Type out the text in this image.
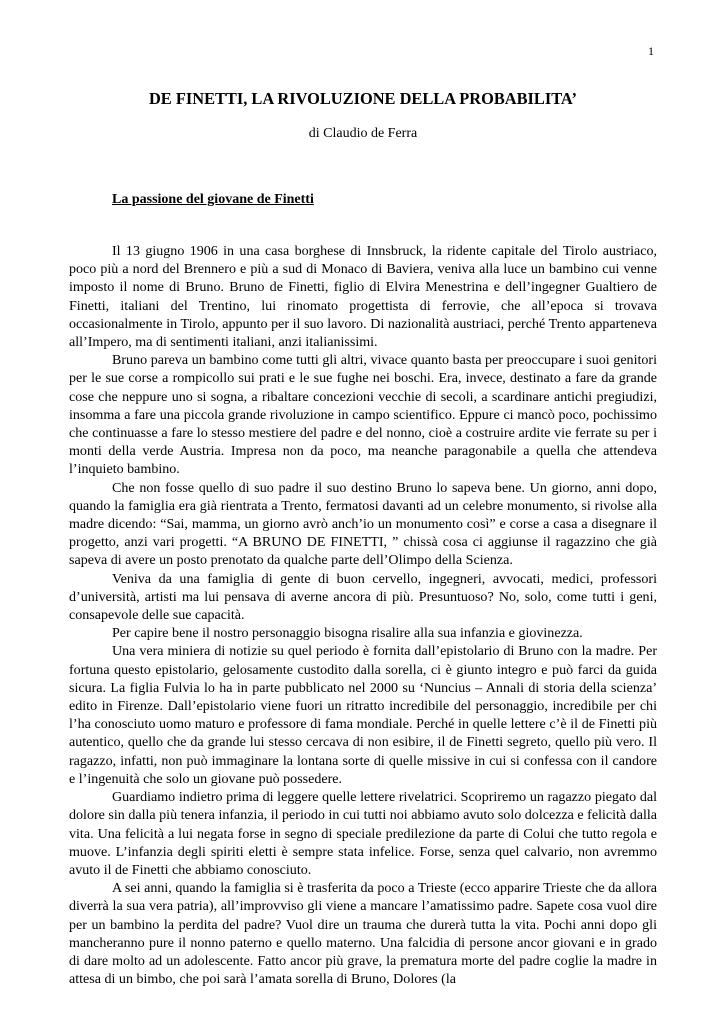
1
DE FINETTI, LA RIVOLUZIONE DELLA PROBABILITA’
di Claudio de Ferra
La passione del giovane de Finetti

Il 13 giugno 1906 in una casa borghese di Innsbruck, la ridente capitale del Tirolo austriaco, poco più a nord del Brennero e più a sud di Monaco di Baviera, veniva alla luce un bambino cui venne imposto il nome di Bruno. Bruno de Finetti, figlio di Elvira Menestrina e dell’ingegner Gualtiero de Finetti, italiani del Trentino, lui rinomato progettista di ferrovie, che all’epoca si trovava occasionalmente in Tirolo, appunto per il suo lavoro. Di nazionalità austriaci, perché Trento apparteneva all’Impero, ma di sentimenti italiani, anzi italianissimi.

Bruno pareva un bambino come tutti gli altri, vivace quanto basta per preoccupare i suoi genitori per le sue corse a rompicollo sui prati e le sue fughe nei boschi. Era, invece, destinato a fare da grande cose che neppure uno si sogna, a ribaltare concezioni vecchie di secoli, a scardinare antichi pregiudizi, insomma a fare una piccola grande rivoluzione in campo scientifico. Eppure ci mancò poco, pochissimo che continuasse a fare lo stesso mestiere del padre e del nonno, cioè a costruire ardite vie ferrate su per i monti della verde Austria. Impresa non da poco, ma neanche paragonabile a quella che attendeva l’inquieto bambino.

Che non fosse quello di suo padre il suo destino Bruno lo sapeva bene. Un giorno, anni dopo, quando la famiglia era già rientrata a Trento, fermatosi davanti ad un celebre monumento, si rivolse alla madre dicendo: “Sai, mamma, un giorno avrò anch’io un monumento così” e corse a casa a disegnare il progetto, anzi vari progetti. “A BRUNO DE FINETTI, ” chissà cosa ci aggiunse il ragazzino che già sapeva di avere un posto prenotato da qualche parte dell’Olimpo della Scienza.

Veniva da una famiglia di gente di buon cervello, ingegneri, avvocati, medici, professori d’università, artisti ma lui pensava di averne ancora di più. Presuntuoso? No, solo, come tutti i geni, consapevole delle sue capacità.

Per capire bene il nostro personaggio bisogna risalire alla sua infanzia e giovinezza.

Una vera miniera di notizie su quel periodo è fornita dall’epistolario di Bruno con la madre. Per fortuna questo epistolario, gelosamente custodito dalla sorella, ci è giunto integro e può farci da guida sicura. La figlia Fulvia lo ha in parte pubblicato nel 2000 su ‘Nuncius – Annali di storia della scienza’ edito in Firenze. Dall’epistolario viene fuori un ritratto incredibile del personaggio, incredibile per chi l’ha conosciuto uomo maturo e professore di fama mondiale. Perché in quelle lettere c’è il de Finetti più autentico, quello che da grande lui stesso cercava di non esibire, il de Finetti segreto, quello più vero. Il ragazzo, infatti, non può immaginare la lontana sorte di quelle missive in cui si confessa con il candore e l’ingenuità che solo un giovane può possedere.

Guardiamo indietro prima di leggere quelle lettere rivelatrici. Scopriremo un ragazzo piegato dal dolore sin dalla più tenera infanzia, il periodo in cui tutti noi abbiamo avuto solo dolcezza e felicità dalla vita. Una felicità a lui negata forse in segno di speciale predilezione da parte di Colui che tutto regola e muove. L’infanzia degli spiriti eletti è sempre stata infelice. Forse, senza quel calvario, non avremmo avuto il de Finetti che abbiamo conosciuto.

A sei anni, quando la famiglia si è trasferita da poco a Trieste (ecco apparire Trieste che da allora diverrà la sua vera patria), all’improvviso gli viene a mancare l’amatissimo padre. Sapete cosa vuol dire per un bambino la perdita del padre? Vuol dire un trauma che durerà tutta la vita. Pochi anni dopo gli mancheranno pure il nonno paterno e quello materno. Una falcidia di persone ancor giovani e in grado di dare molto ad un adolescente. Fatto ancor più grave, la prematura morte del padre coglie la madre in attesa di un bimbo, che poi sarà l’amata sorella di Bruno, Dolores (la
